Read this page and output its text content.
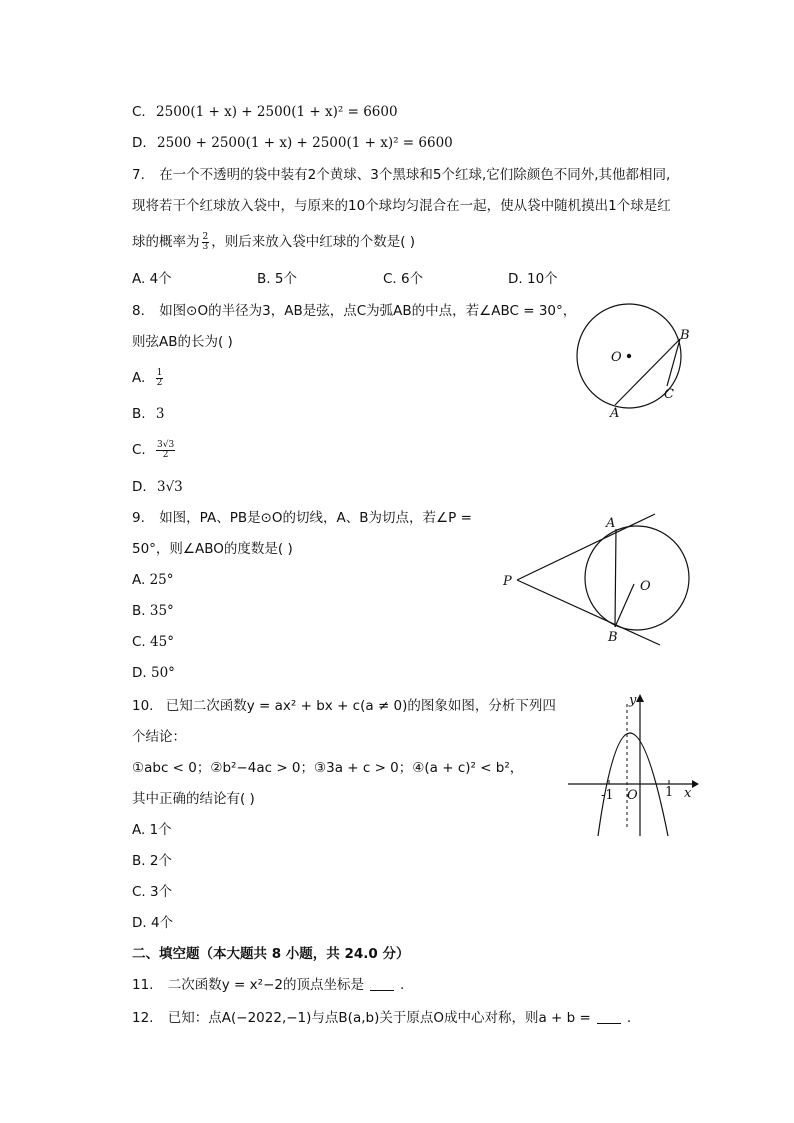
C. 2500(1 + x) + 2500(1 + x)² = 6600
D. 2500 + 2500(1 + x) + 2500(1 + x)² = 6600
7. 在一个不透明的袋中装有2个黄球、3个黑球和5个红球,它们除颜色不同外,其他都相同,
现将若干个红球放入袋中，与原来的10个球均匀混合在一起，使从袋中随机摸出1个球是红
球的概率为 $\frac{2}{3}$ ，则后来放入袋中红球的个数是( )
A. 4个	B. 5个	C. 6个	D. 10个
8. 如图⊙O的半径为3，AB是弦，点C为弧AB的中点，若∠ABC = 30°，
则弦AB的长为( )
A. $\frac{1}{2}$
B. 3
C. $\frac{3√3}{2}$
D. 3√3
O
A
B
C
9. 如图，PA、PB是⊙O的切线，A、B为切点，若∠P =
50°，则∠ABO的度数是( )
A. 25°
B. 35°
C. 45°
D. 50°
P
A
B
O
10. 已知二次函数y = ax² + bx + c(a ≠ 0)的图象如图，分析下列四
个结论：
①abc < 0；②b²−4ac > 0；③3a + c > 0；④(a + c)² < b²，
其中正确的结论有( )
A. 1个
B. 2个
C. 3个
D. 4个
y
x
-1 O 1
二、填空题（本大题共 8 小题，共 24.0 分）
11. 二次函数y = x²−2的顶点坐标是	.
12. 已知：点A(−2022,−1)与点B(a,b)关于原点O成中心对称，则a + b =	.
